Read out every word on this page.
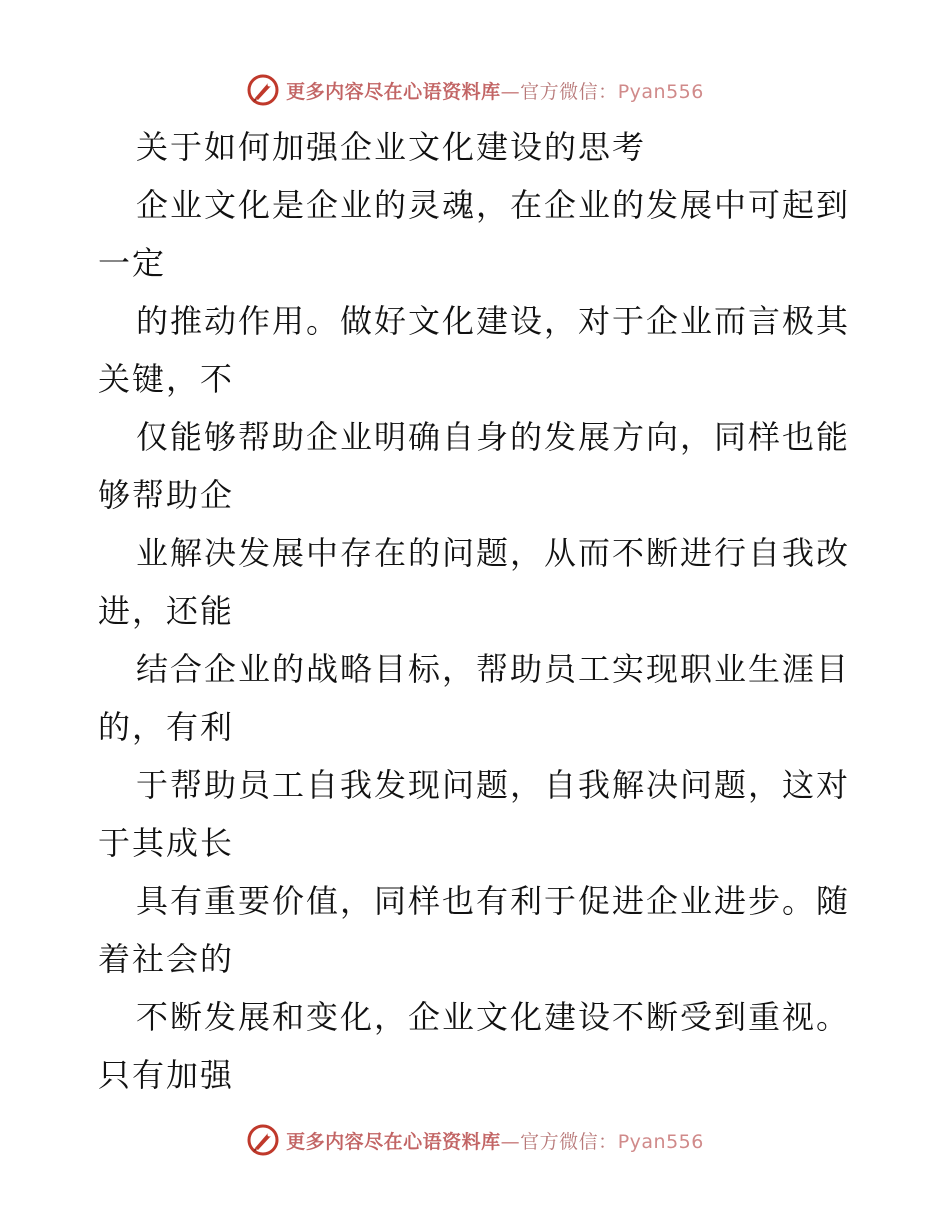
更多内容尽在心语资料库—官方微信：Pyan556
关于如何加强企业文化建设的思考
企业文化是企业的灵魂，在企业的发展中可起到
一定
的推动作用。做好文化建设，对于企业而言极其
关键，不
仅能够帮助企业明确自身的发展方向，同样也能
够帮助企
业解决发展中存在的问题，从而不断进行自我改
进，还能
结合企业的战略目标，帮助员工实现职业生涯目
的，有利
于帮助员工自我发现问题，自我解决问题，这对
于其成长
具有重要价值，同样也有利于促进企业进步。随
着社会的
不断发展和变化，企业文化建设不断受到重视。
只有加强
更多内容尽在心语资料库—官方微信：Pyan556
